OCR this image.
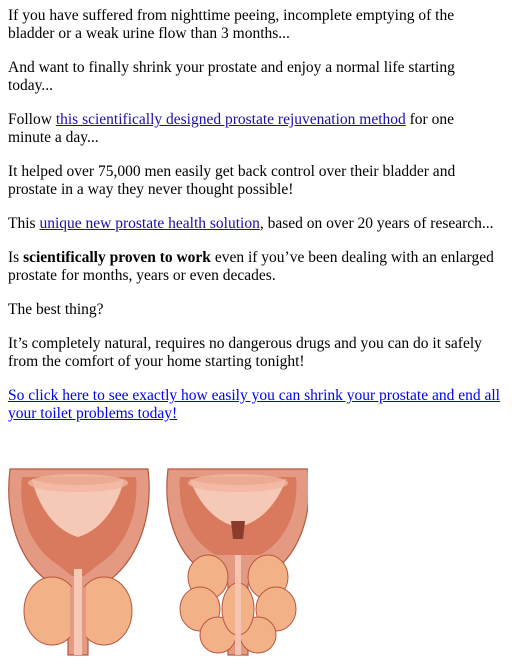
If you have suffered from nighttime peeing, incomplete emptying of the bladder or a weak urine flow than 3 months...

And want to finally shrink your prostate and enjoy a normal life starting today...

Follow this scientifically designed prostate rejuvenation method for one minute a day...

It helped over 75,000 men easily get back control over their bladder and prostate in a way they never thought possible!

This unique new prostate health solution, based on over 20 years of research...

Is scientifically proven to work even if you’ve been dealing with an enlarged prostate for months, years or even decades.

The best thing?

It’s completely natural, requires no dangerous drugs and you can do it safely from the comfort of your home starting tonight!

So click here to see exactly how easily you can shrink your prostate and end all your toilet problems today!
